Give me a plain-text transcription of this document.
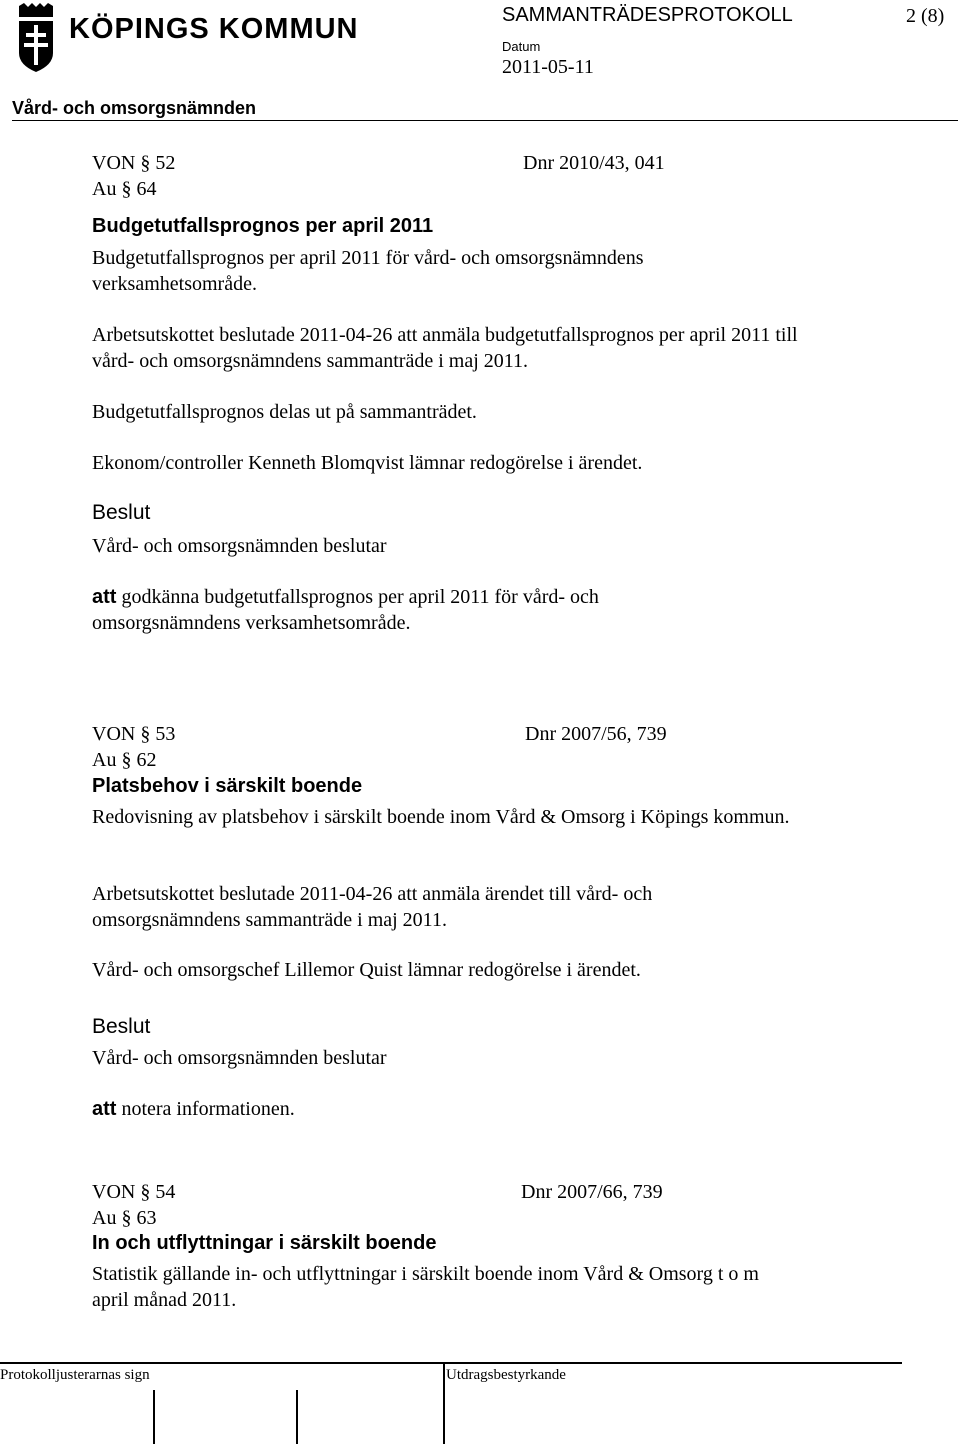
KÖPINGS KOMMUN	SAMMANTRÄDESPROTOKOLL	2 (8)
Datum
2011-05-11
Vård- och omsorgsnämnden
VON § 52	Dnr 2010/43, 041
Au § 64
Budgetutfallsprognos per april 2011
Budgetutfallsprognos per april 2011 för vård- och omsorgsnämndens verksamhetsområde.
Arbetsutskottet beslutade 2011-04-26 att anmäla budgetutfallsprognos per april 2011 till vård- och omsorgsnämndens sammanträde i maj 2011.
Budgetutfallsprognos delas ut på sammanträdet.
Ekonom/controller Kenneth Blomqvist lämnar redogörelse i ärendet.
Beslut
Vård- och omsorgsnämnden beslutar
att godkänna budgetutfallsprognos per april 2011 för vård- och omsorgsnämndens verksamhetsområde.
VON § 53	Dnr 2007/56, 739
Au § 62
Platsbehov i särskilt boende
Redovisning av platsbehov i särskilt boende inom Vård & Omsorg i Köpings kommun.
Arbetsutskottet beslutade 2011-04-26 att anmäla ärendet till vård- och omsorgsnämndens sammanträde i maj 2011.
Vård- och omsorgschef Lillemor Quist lämnar redogörelse i ärendet.
Beslut
Vård- och omsorgsnämnden beslutar
att notera informationen.
VON § 54	Dnr 2007/66, 739
Au § 63
In och utflyttningar i särskilt boende
Statistik gällande in- och utflyttningar i särskilt boende inom Vård & Omsorg t o m april månad 2011.
Protokolljusterarnas sign	Utdragsbestyrkande
